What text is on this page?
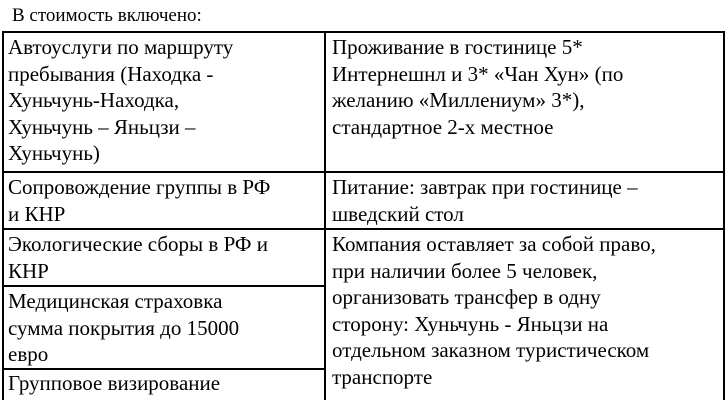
В стоимость включено:
Автоуслуги по маршруту
пребывания (Находка -
Хуньчунь-Находка,
Хуньчунь – Яньцзи –
Хуньчунь)
Сопровождение группы в РФ
и КНР
Экологические сборы в РФ и
КНР
Медицинская страховка
сумма покрытия до 15000
евро
Групповое визирование
Проживание в гостинице 5*
Интернешнл и 3* «Чан Хун» (по
желанию «Миллениум» 3*),
стандартное 2-х местное
Питание: завтрак при гостинице –
шведский стол
Компания оставляет за собой право,
при наличии более 5 человек,
организовать трансфер в одну
сторону: Хуньчунь - Яньцзи на
отдельном заказном туристическом
транспорте
